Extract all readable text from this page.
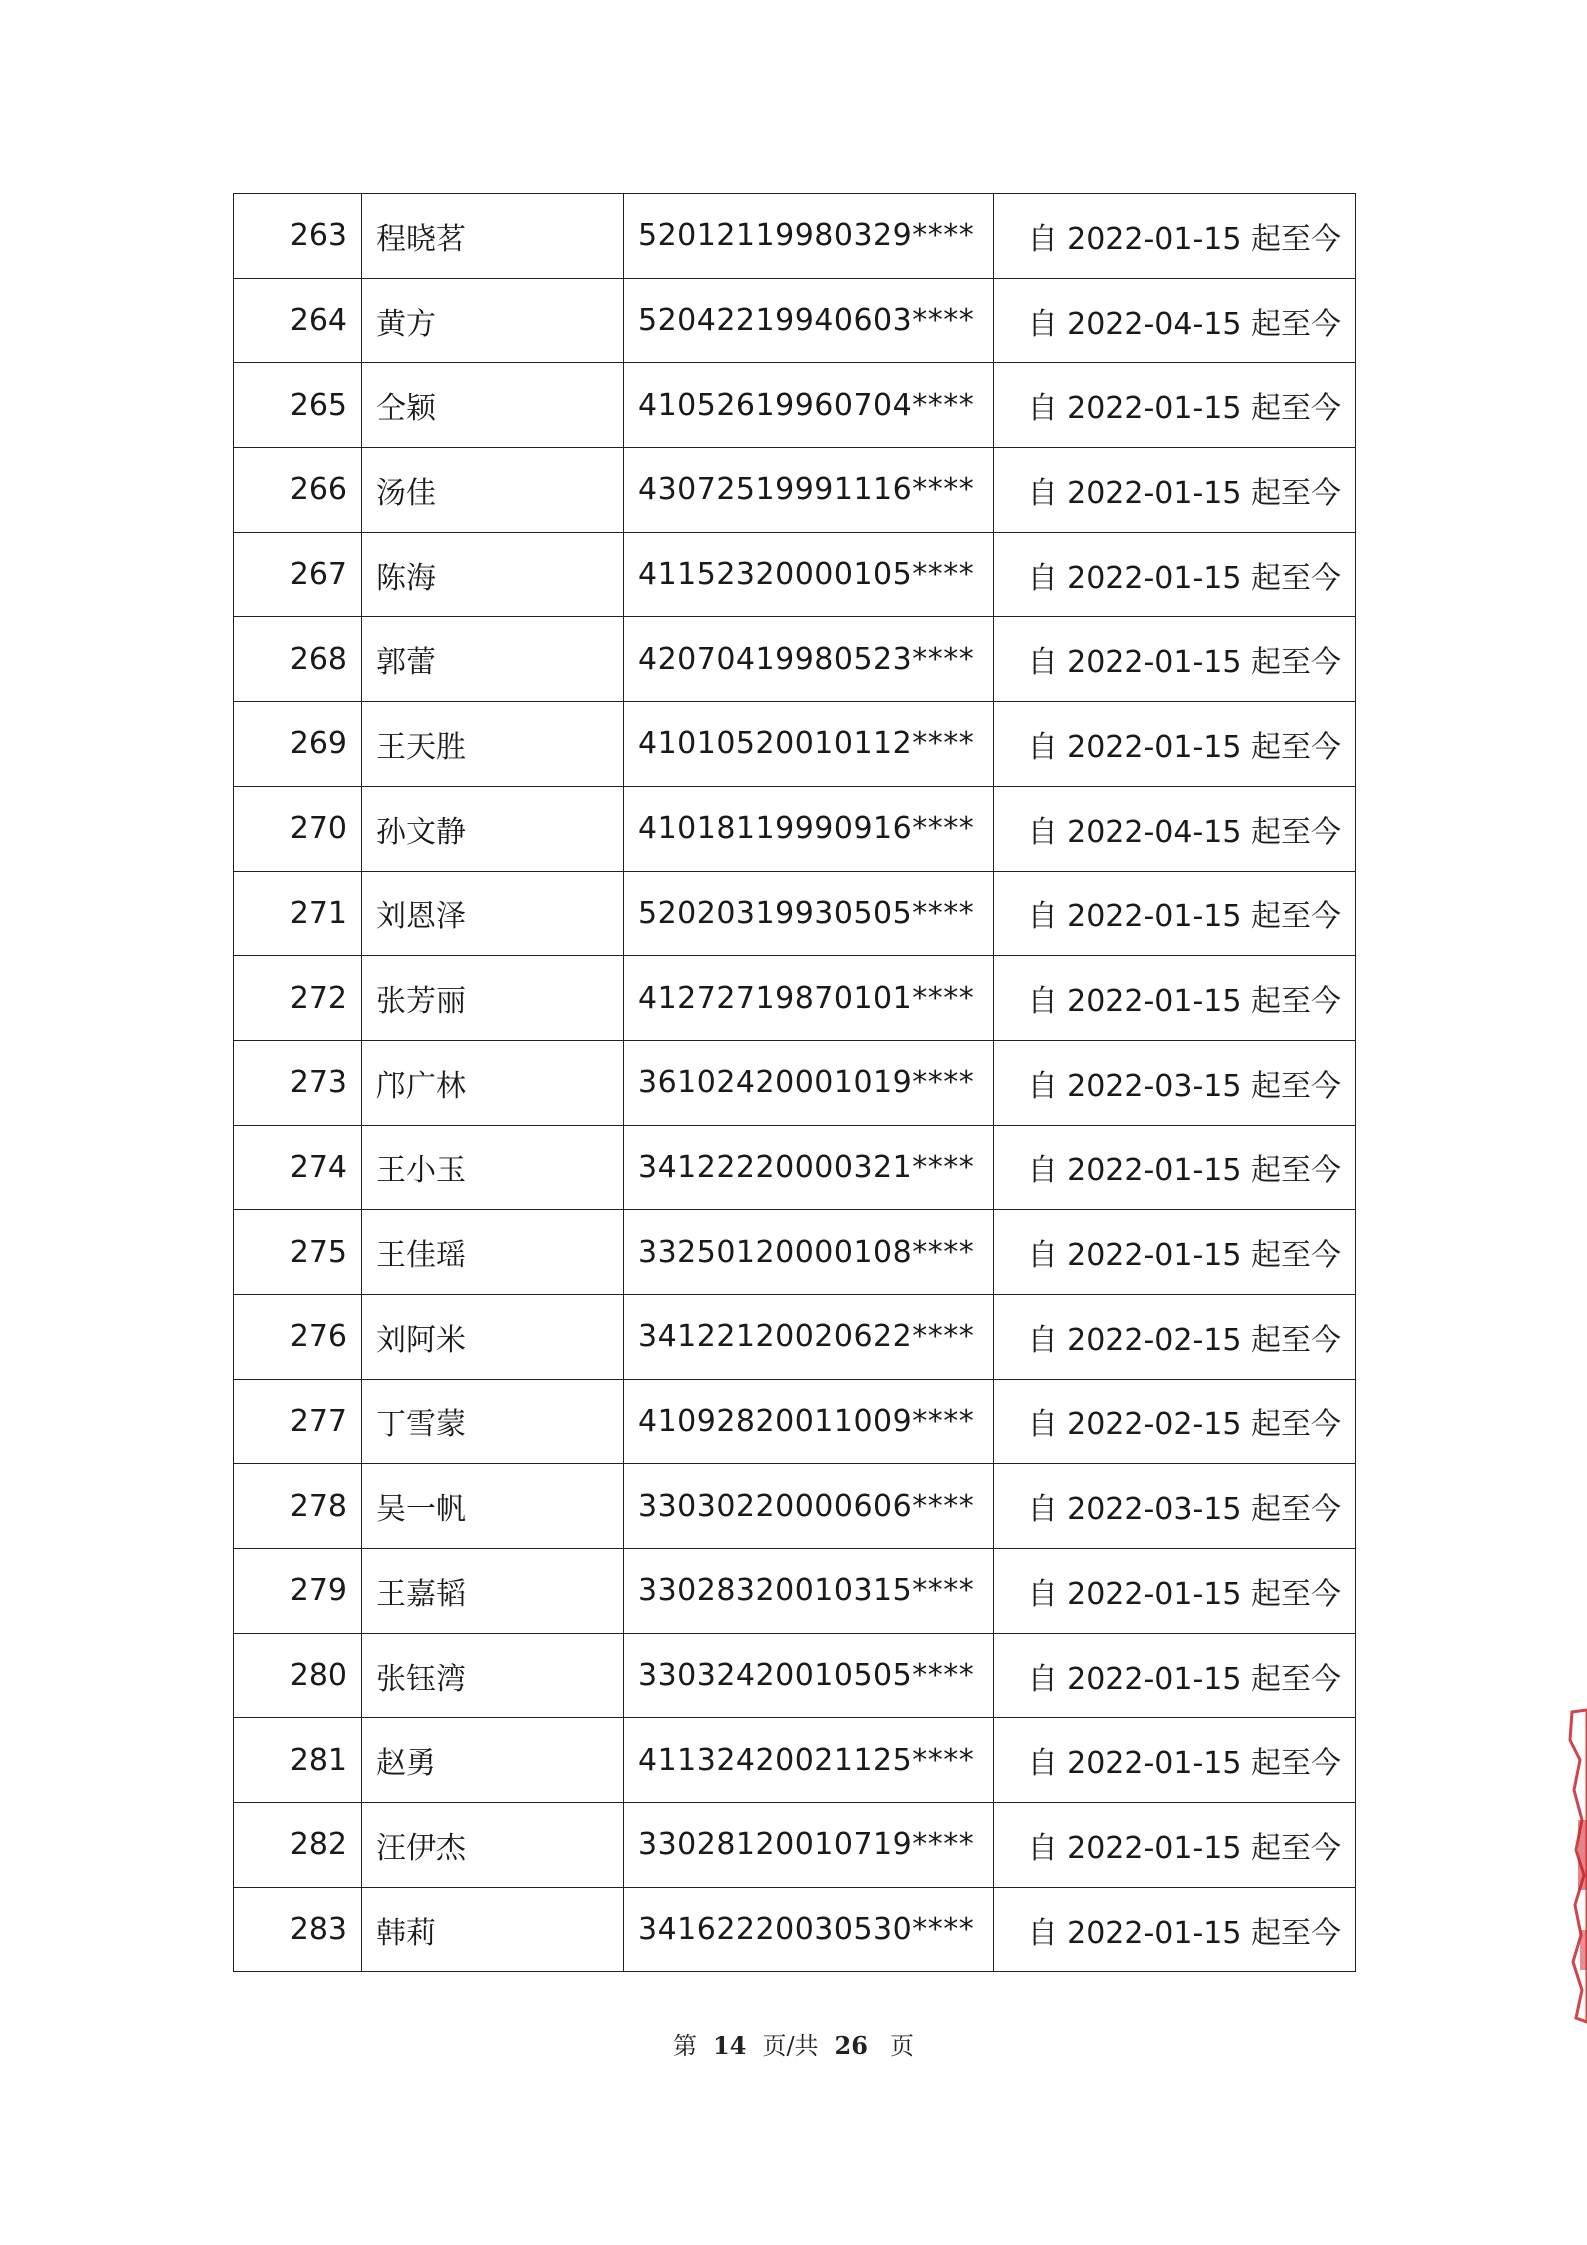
263	程晓茗	52012119980329****	自 2022-01-15 起至今
264	黄方	52042219940603****	自 2022-04-15 起至今
265	仝颖	41052619960704****	自 2022-01-15 起至今
266	汤佳	43072519991116****	自 2022-01-15 起至今
267	陈海	41152320000105****	自 2022-01-15 起至今
268	郭蕾	42070419980523****	自 2022-01-15 起至今
269	王天胜	41010520010112****	自 2022-01-15 起至今
270	孙文静	41018119990916****	自 2022-04-15 起至今
271	刘恩泽	52020319930505****	自 2022-01-15 起至今
272	张芳丽	41272719870101****	自 2022-01-15 起至今
273	邝广林	36102420001019****	自 2022-03-15 起至今
274	王小玉	34122220000321****	自 2022-01-15 起至今
275	王佳瑶	33250120000108****	自 2022-01-15 起至今
276	刘阿米	34122120020622****	自 2022-02-15 起至今
277	丁雪蒙	41092820011009****	自 2022-02-15 起至今
278	吴一帆	33030220000606****	自 2022-03-15 起至今
279	王嘉韬	33028320010315****	自 2022-01-15 起至今
280	张钰湾	33032420010505****	自 2022-01-15 起至今
281	赵勇	41132420021125****	自 2022-01-15 起至今
282	汪伊杰	33028120010719****	自 2022-01-15 起至今
283	韩莉	34162220030530****	自 2022-01-15 起至今
第 14 页/共 26 页
